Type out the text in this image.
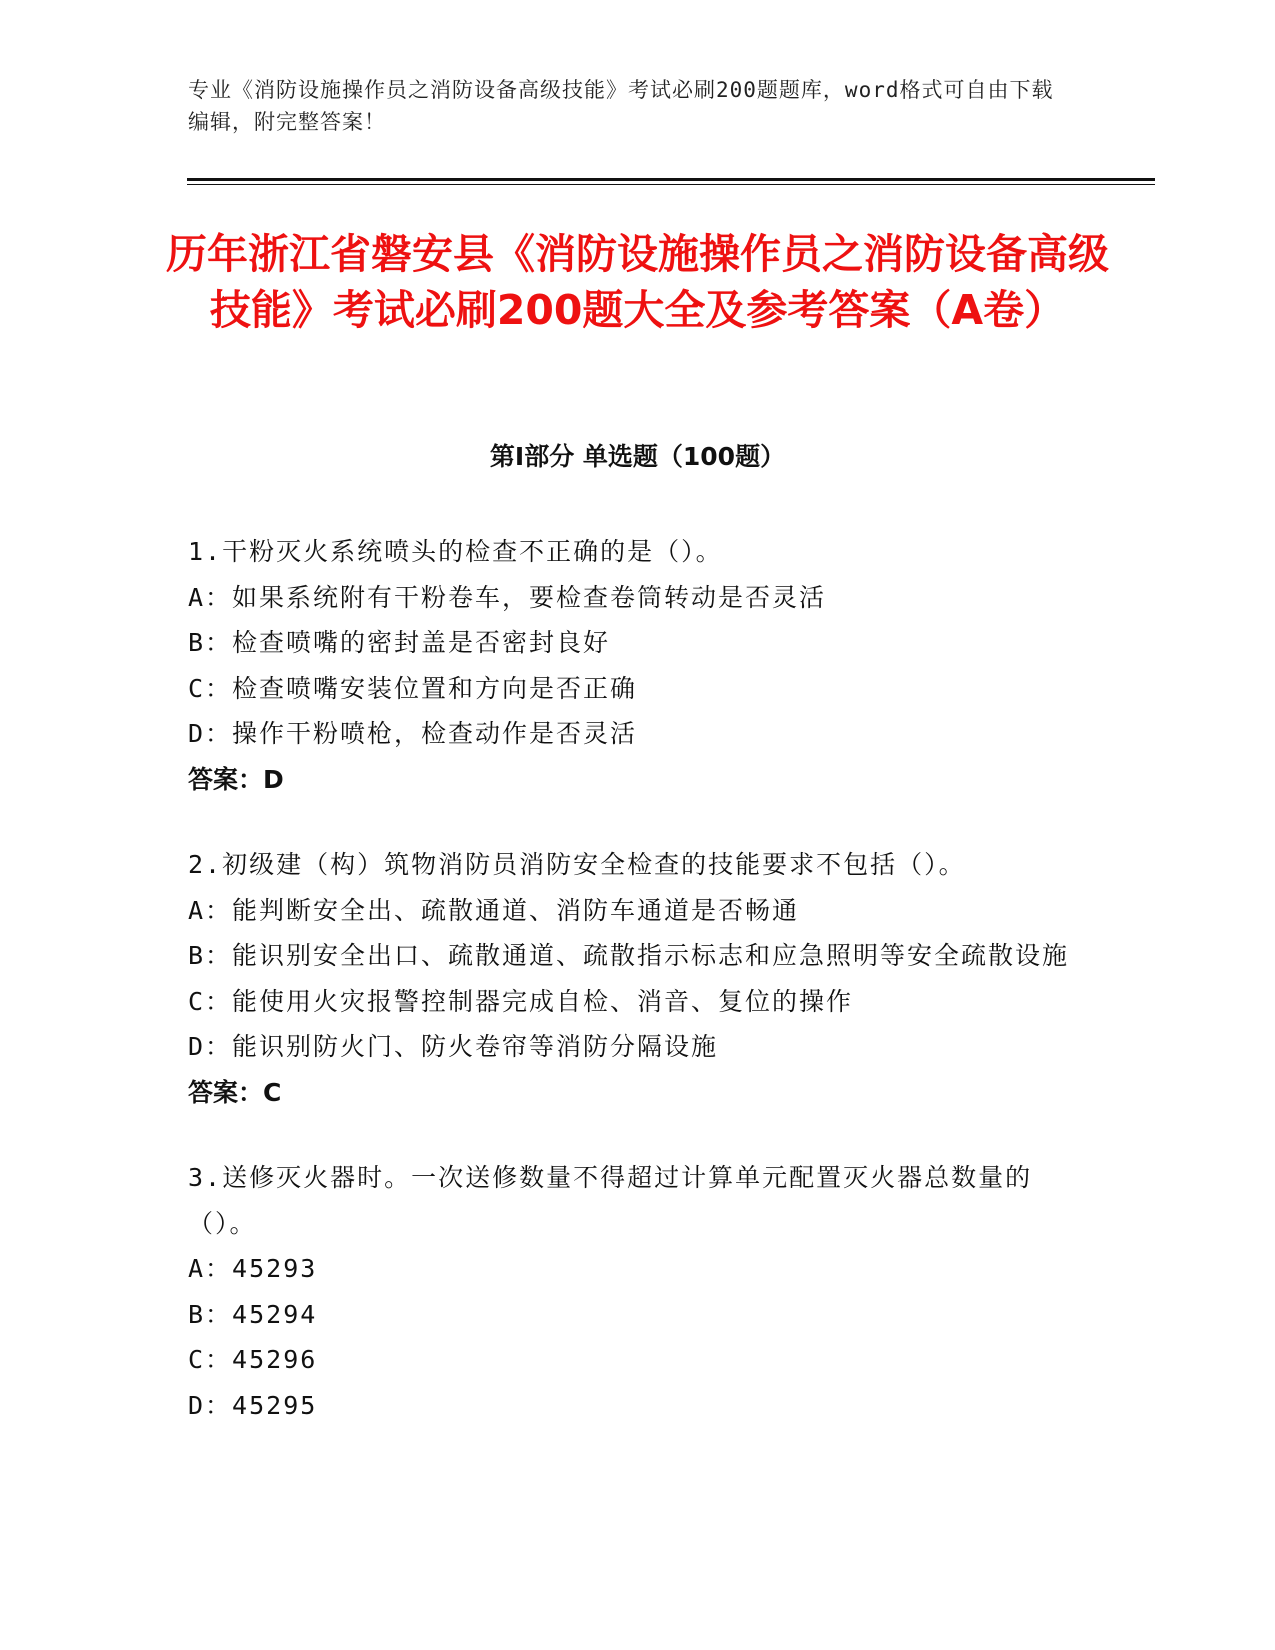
专业《消防设施操作员之消防设备高级技能》考试必刷200题题库，word格式可自由下载编辑，附完整答案！
历年浙江省磐安县《消防设施操作员之消防设备高级技能》考试必刷200题大全及参考答案（A卷）
第Ⅰ部分 单选题（100题）
1.干粉灭火系统喷头的检查不正确的是（）。
A：如果系统附有干粉卷车，要检查卷筒转动是否灵活
B：检查喷嘴的密封盖是否密封良好
C：检查喷嘴安装位置和方向是否正确
D：操作干粉喷枪，检查动作是否灵活
答案：D
2.初级建（构）筑物消防员消防安全检查的技能要求不包括（）。
A：能判断安全出、疏散通道、消防车通道是否畅通
B：能识别安全出口、疏散通道、疏散指示标志和应急照明等安全疏散设施
C：能使用火灾报警控制器完成自检、消音、复位的操作
D：能识别防火门、防火卷帘等消防分隔设施
答案：C
3.送修灭火器时。一次送修数量不得超过计算单元配置灭火器总数量的（）。
A：45293
B：45294
C：45296
D：45295
